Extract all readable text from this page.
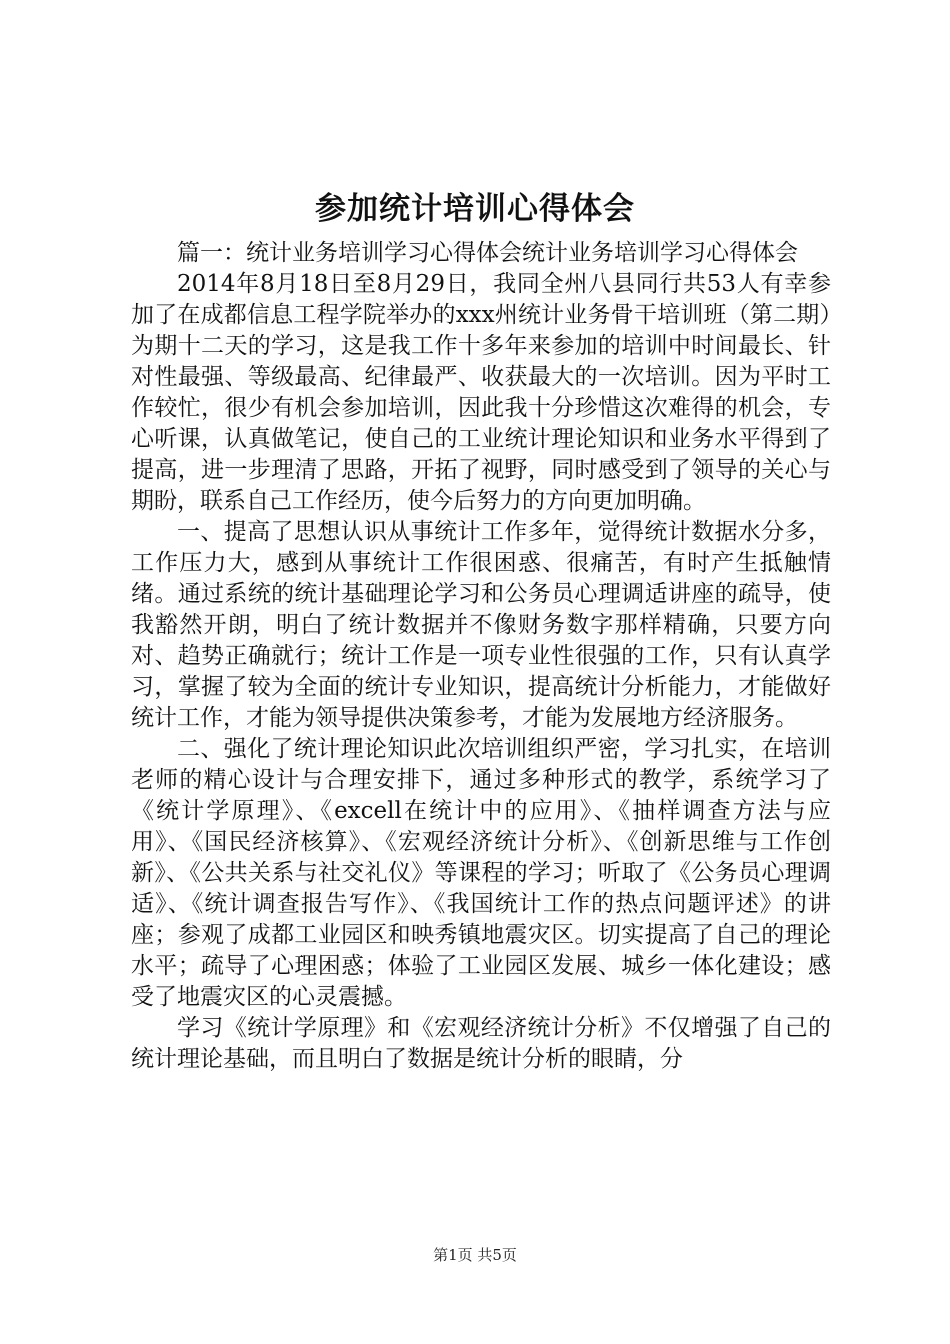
参加统计培训心得体会

篇一：统计业务培训学习心得体会统计业务培训学习心得体会

2014年8月18日至8月29日，我同全州八县同行共53人有幸参加了在成都信息工程学院举办的xxx州统计业务骨干培训班（第二期）为期十二天的学习，这是我工作十多年来参加的培训中时间最长、针对性最强、等级最高、纪律最严、收获最大的一次培训。因为平时工作较忙，很少有机会参加培训，因此我十分珍惜这次难得的机会，专心听课，认真做笔记，使自己的工业统计理论知识和业务水平得到了提高，进一步理清了思路，开拓了视野，同时感受到了领导的关心与期盼，联系自己工作经历，使今后努力的方向更加明确。

一、提高了思想认识从事统计工作多年，觉得统计数据水分多，工作压力大，感到从事统计工作很困惑、很痛苦，有时产生抵触情绪。通过系统的统计基础理论学习和公务员心理调适讲座的疏导，使我豁然开朗，明白了统计数据并不像财务数字那样精确，只要方向对、趋势正确就行；统计工作是一项专业性很强的工作，只有认真学习，掌握了较为全面的统计专业知识，提高统计分析能力，才能做好统计工作，才能为领导提供决策参考，才能为发展地方经济服务。

二、强化了统计理论知识此次培训组织严密，学习扎实，在培训老师的精心设计与合理安排下，通过多种形式的教学，系统学习了《统计学原理》、《excell在统计中的应用》、《抽样调查方法与应用》、《国民经济核算》、《宏观经济统计分析》、《创新思维与工作创新》、《公共关系与社交礼仪》等课程的学习；听取了《公务员心理调适》、《统计调查报告写作》、《我国统计工作的热点问题评述》的讲座；参观了成都工业园区和映秀镇地震灾区。切实提高了自己的理论水平；疏导了心理困惑；体验了工业园区发展、城乡一体化建设；感受了地震灾区的心灵震撼。

学习《统计学原理》和《宏观经济统计分析》不仅增强了自己的统计理论基础，而且明白了数据是统计分析的眼睛，分

第1页 共5页
